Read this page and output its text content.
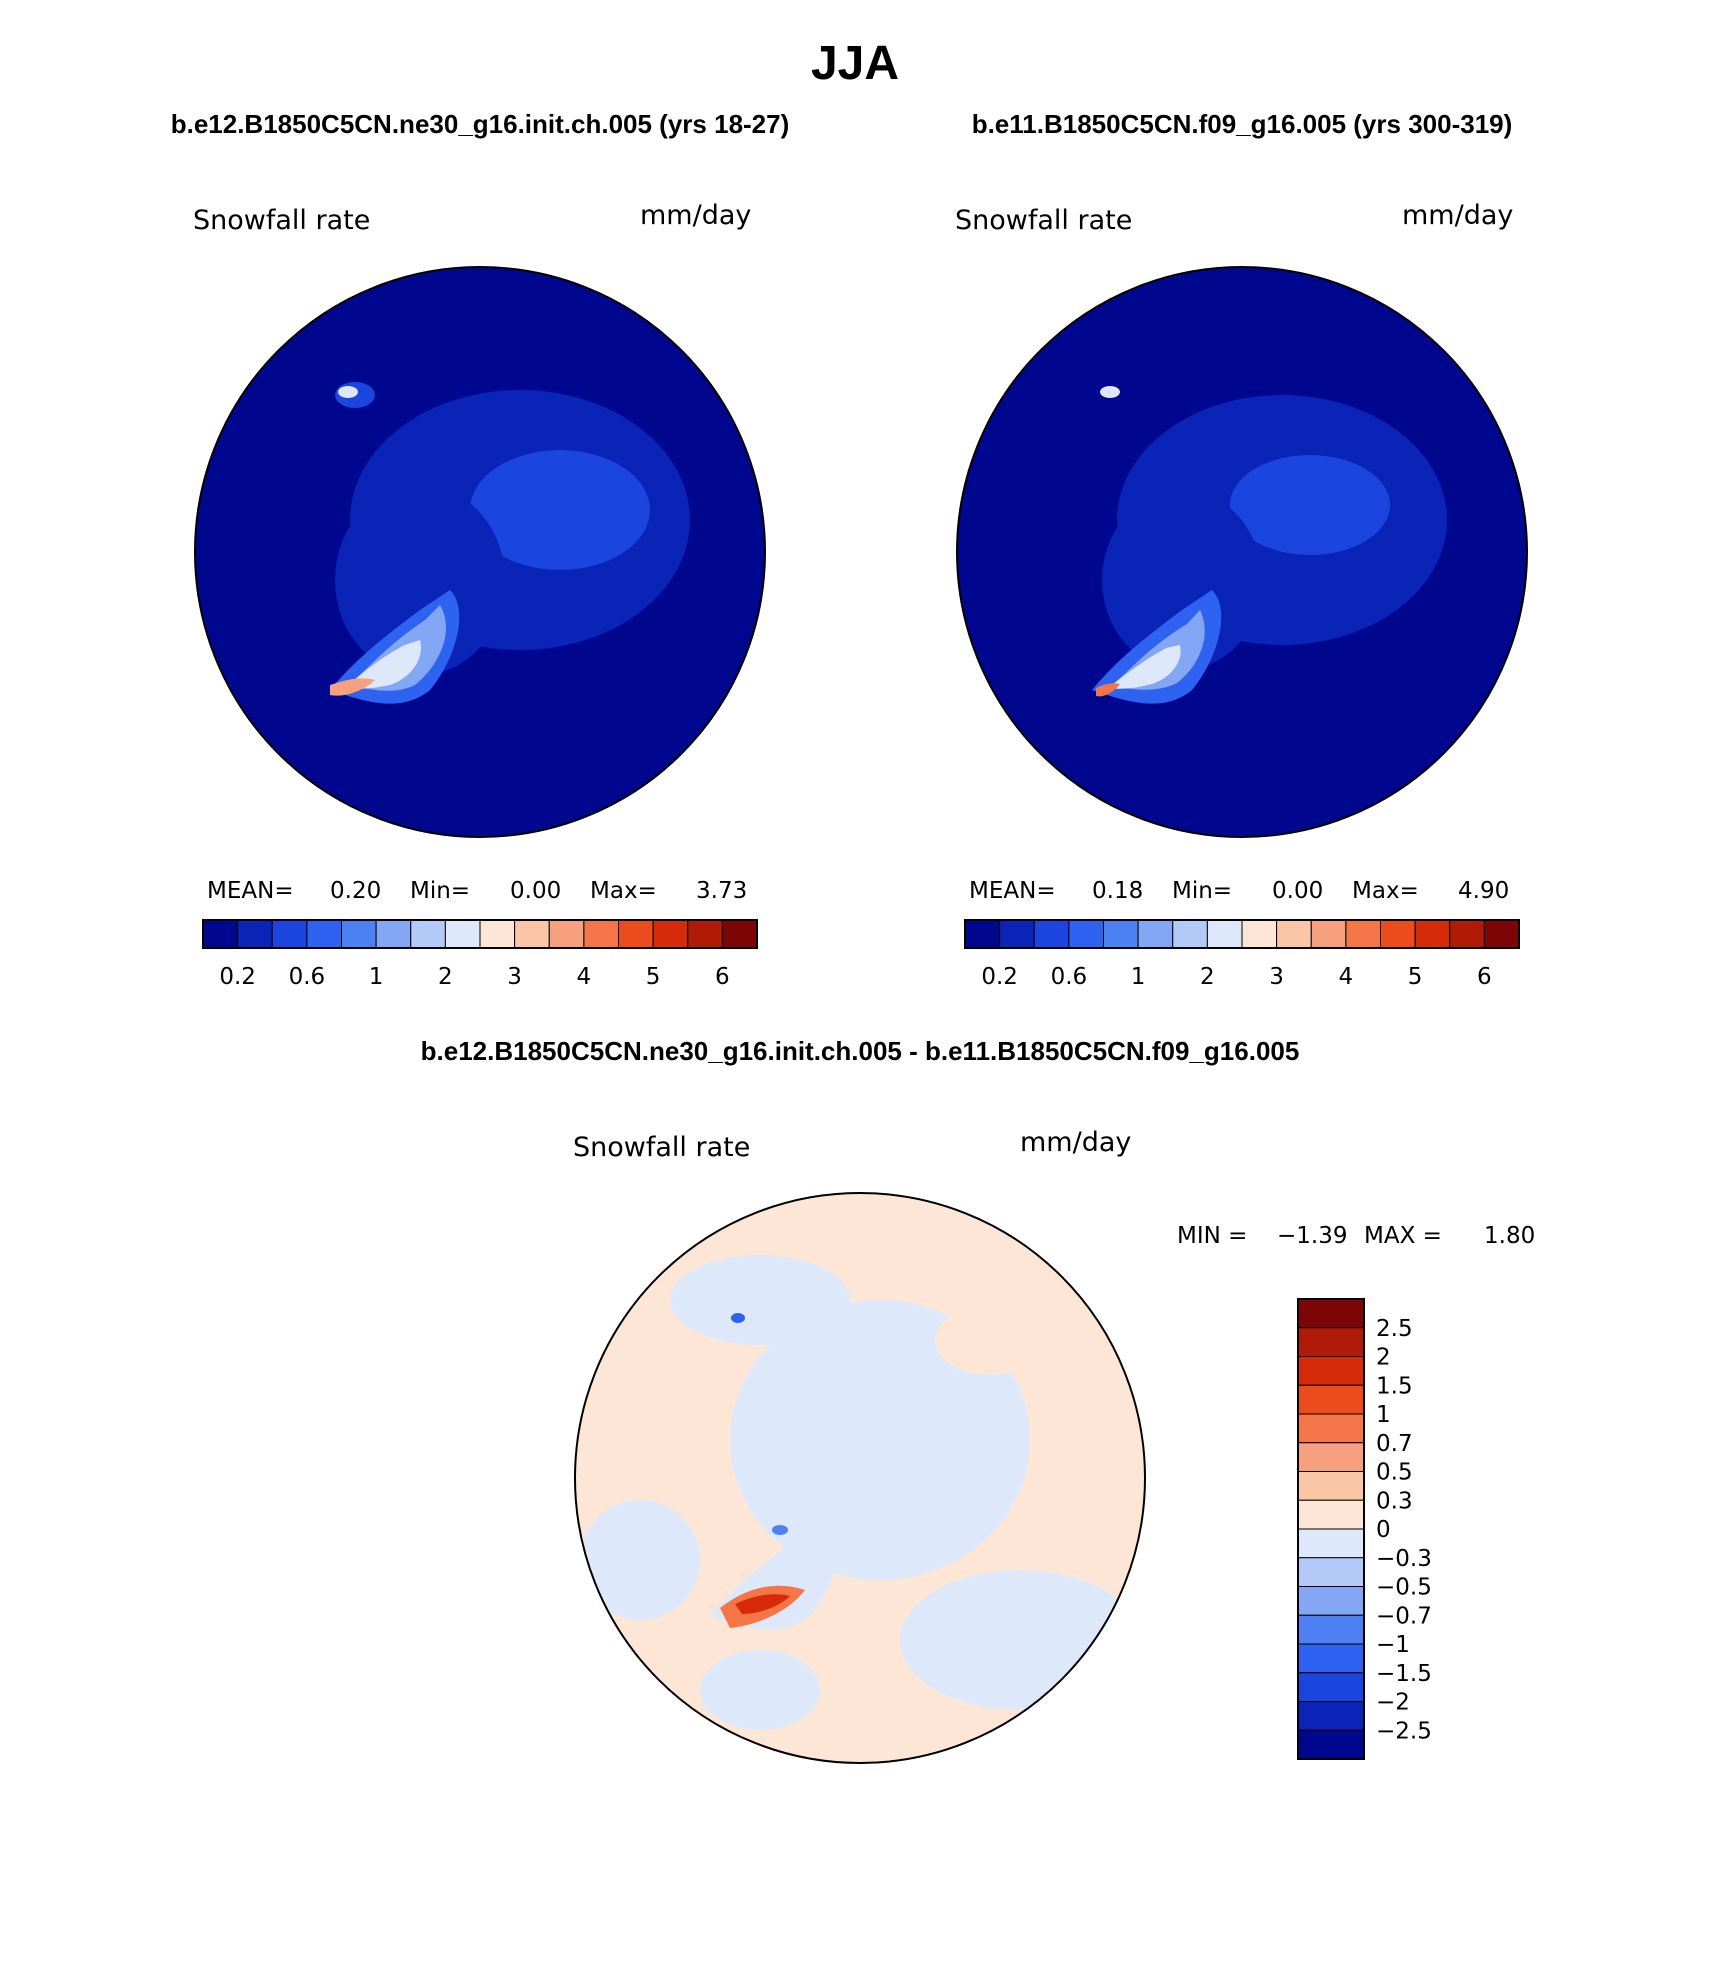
JJA
b.e12.B1850C5CN.ne30_g16.init.ch.005 (yrs 18-27)
Snowfall rate	mm/day
b.e11.B1850C5CN.f09_g16.005 (yrs 300-319)
Snowfall rate	mm/day
MEAN= 0.20 Min= 0.00 Max= 3.73
0.2 0.6 1 2 3 4 5 6
MEAN= 0.18 Min= 0.00 Max= 4.90
0.2 0.6 1 2 3 4 5 6
b.e12.B1850C5CN.ne30_g16.init.ch.005 - b.e11.B1850C5CN.f09_g16.005
Snowfall rate	mm/day
MIN = −1.39 MAX = 1.80
2.5
2
1.5
1
0.7
0.5
0.3
0
−0.3
−0.5
−0.7
−1
−1.5
−2
−2.5
